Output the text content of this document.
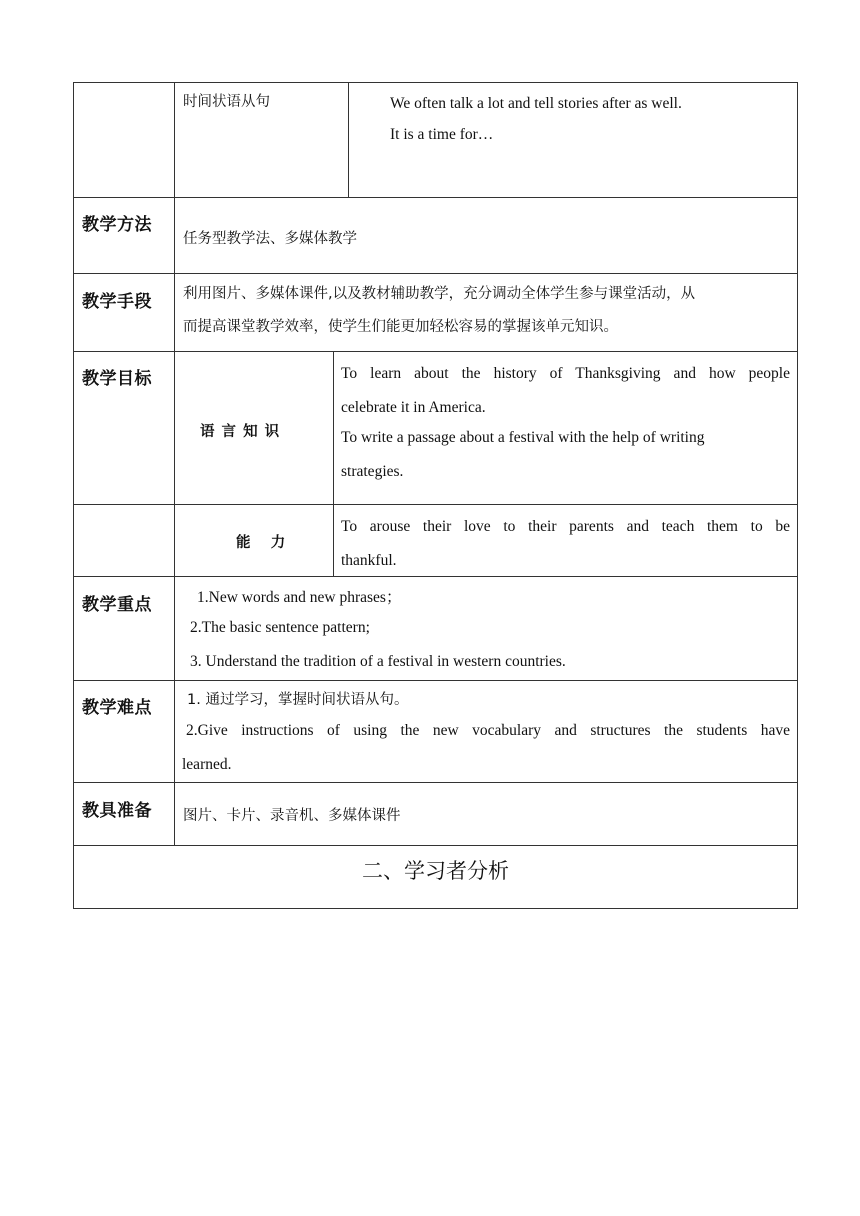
时间状语从句	We often talk a lot and tell stories after as well.
It is a time for…
教学方法
任务型教学法、多媒体教学
教学手段 利用图片、多媒体课件,以及教材辅助教学，充分调动全体学生参与课堂活动，从
而提高课堂教学效率，使学生们能更加轻松容易的掌握该单元知识。
教学目标
语 言 知 识
To learn about the history of Thanksgiving and how people
celebrate it in America.
To write a passage about a festival with the help of writing
strategies.
能    力
To arouse their love to their parents and teach them to be
thankful.
教学重点	1.New words and new phrases；
2.The basic sentence pattern;
3. Understand the tradition of a festival in western countries.
教学难点 1. 通过学习，掌握时间状语从句。
2.Give instructions of using the new vocabulary and structures the students have
learned.
教具准备 图片、卡片、录音机、多媒体课件
二、学习者分析
